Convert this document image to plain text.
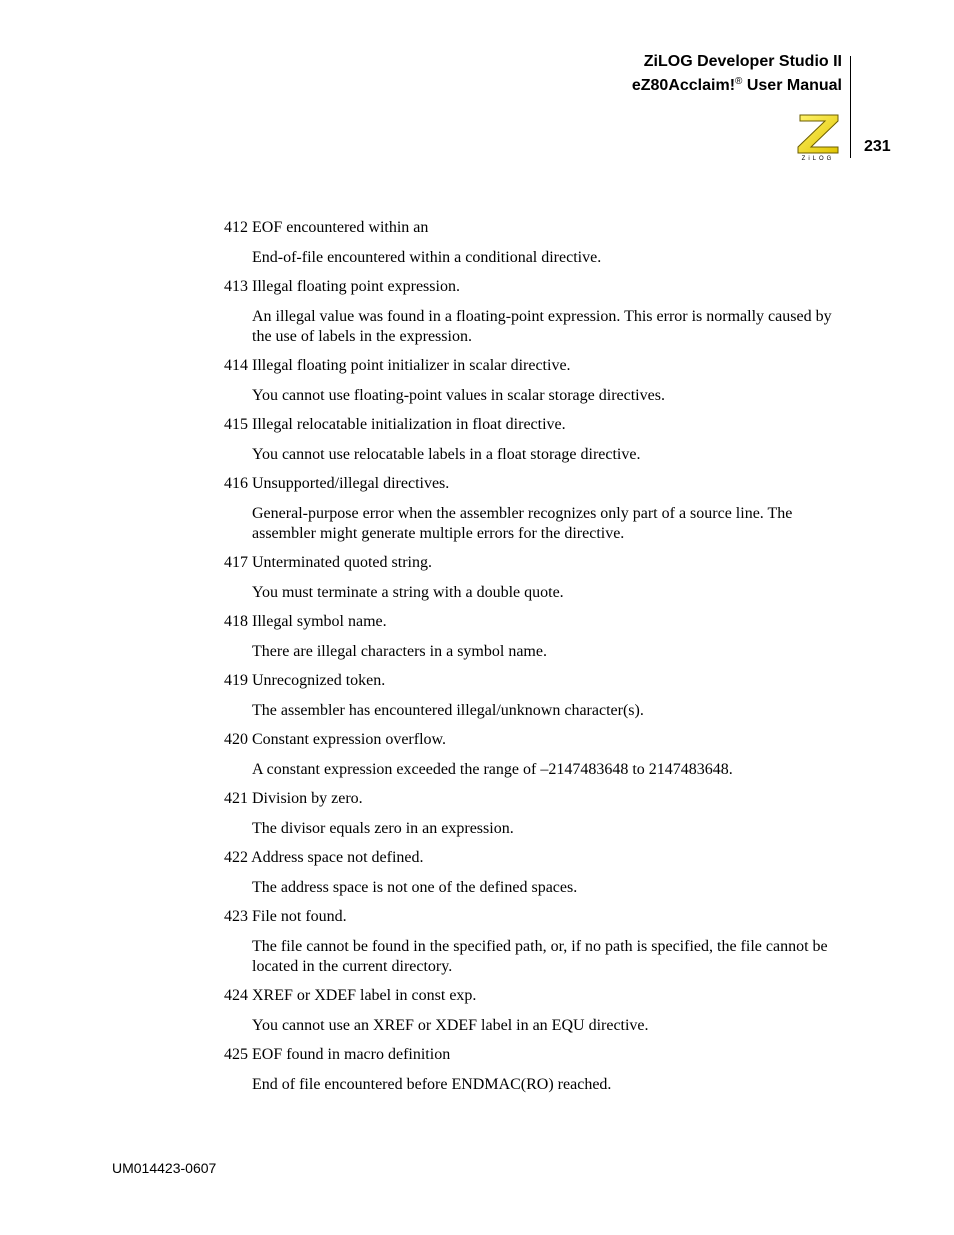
ZiLOG Developer Studio II
eZ80Acclaim!® User Manual
ZiLOG
231

412 EOF encountered within an

End-of-file encountered within a conditional directive.

413 Illegal floating point expression.

An illegal value was found in a floating-point expression. This error is normally caused by the use of labels in the expression.

414 Illegal floating point initializer in scalar directive.

You cannot use floating-point values in scalar storage directives.

415 Illegal relocatable initialization in float directive.

You cannot use relocatable labels in a float storage directive.

416 Unsupported/illegal directives.

General-purpose error when the assembler recognizes only part of a source line. The assembler might generate multiple errors for the directive.

417 Unterminated quoted string.

You must terminate a string with a double quote.

418 Illegal symbol name.

There are illegal characters in a symbol name.

419 Unrecognized token.

The assembler has encountered illegal/unknown character(s).

420 Constant expression overflow.

A constant expression exceeded the range of –2147483648 to 2147483648.

421 Division by zero.

The divisor equals zero in an expression.

422 Address space not defined.

The address space is not one of the defined spaces.

423 File not found.

The file cannot be found in the specified path, or, if no path is specified, the file cannot be located in the current directory.

424 XREF or XDEF label in const exp.

You cannot use an XREF or XDEF label in an EQU directive.

425 EOF found in macro definition

End of file encountered before ENDMAC(RO) reached.

UM014423-0607
